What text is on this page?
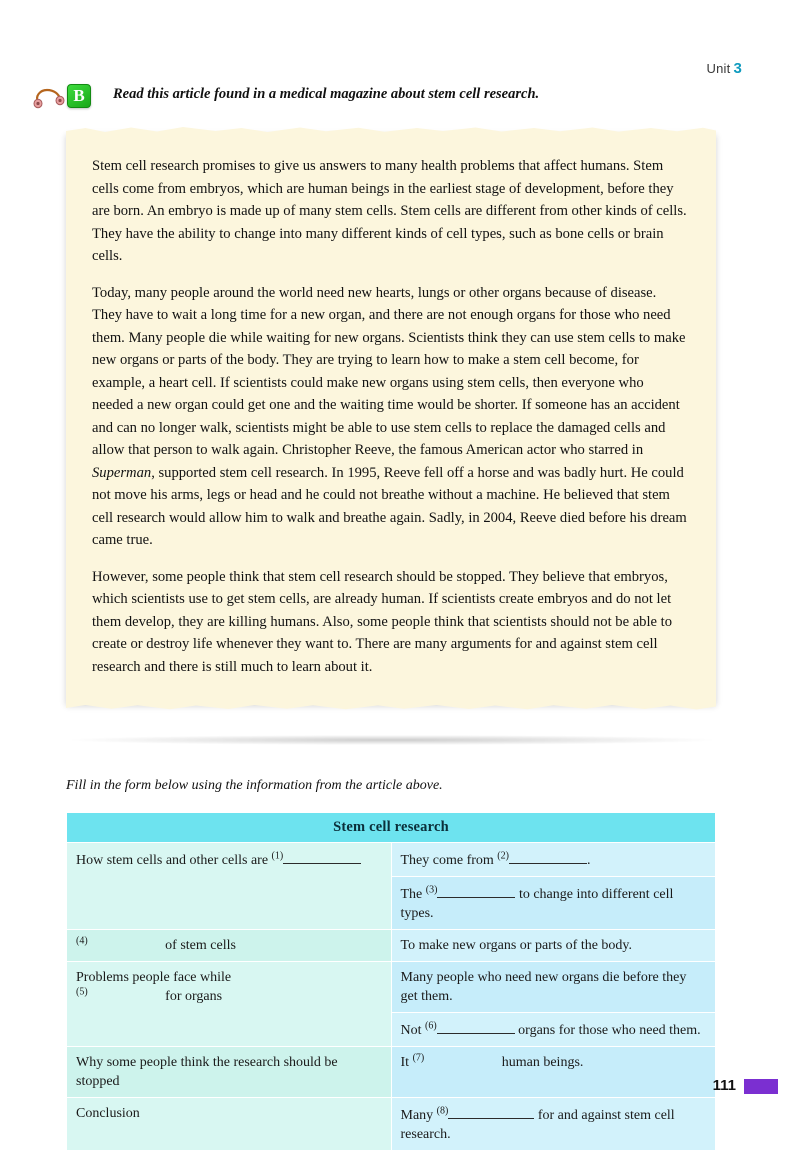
Unit 3
B	Read this article found in a medical magazine about stem cell research.

Stem cell research promises to give us answers to many health problems that affect humans. Stem cells come from embryos, which are human beings in the earliest stage of development, before they are born. An embryo is made up of many stem cells. Stem cells are different from other kinds of cells. They have the ability to change into many different kinds of cell types, such as bone cells or brain cells.

Today, many people around the world need new hearts, lungs or other organs because of disease. They have to wait a long time for a new organ, and there are not enough organs for those who need them. Many people die while waiting for new organs. Scientists think they can use stem cells to make new organs or parts of the body. They are trying to learn how to make a stem cell become, for example, a heart cell. If scientists could make new organs using stem cells, then everyone who needed a new organ could get one and the waiting time would be shorter. If someone has an accident and can no longer walk, scientists might be able to use stem cells to replace the damaged cells and allow that person to walk again. Christopher Reeve, the famous American actor who starred in Superman, supported stem cell research. In 1995, Reeve fell off a horse and was badly hurt. He could not move his arms, legs or head and he could not breathe without a machine. He believed that stem cell research would allow him to walk and breathe again. Sadly, in 2004, Reeve died before his dream came true.

However, some people think that stem cell research should be stopped. They believe that embryos, which scientists use to get stem cells, are already human. If scientists create embryos and do not let them develop, they are killing humans. Also, some people think that scientists should not be able to create or destroy life whenever they want to. There are many arguments for and against stem cell research and there is still much to learn about it.

Fill in the form below using the information from the article above.
Stem cell research	
How stem cells and other cells are $^{(1)}$	They come from $^{(2)}$ .
	The $^{(3)}$ to change into different cell types.
$^{(4)}$ of stem cells	To make new organs or parts of the body.
Problems people face while
$^{(5)}$ for organs	Many people who need new organs die before they get them.
	Not $^{(6)}$ organs for those who need them.
Why some people think the research should be stopped	It $^{(7)}$ human beings.
Conclusion	Many $^{(8)}$ for and against stem cell research.
111
